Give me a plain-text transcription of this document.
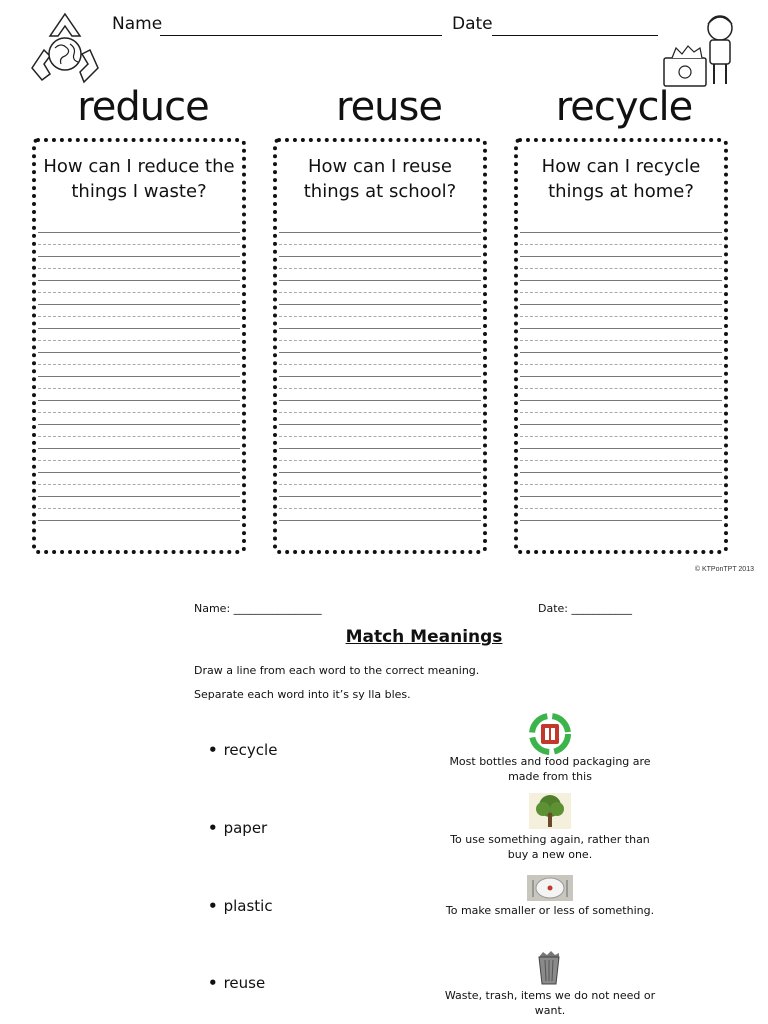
Name	Date
reduce	reuse	recycle
How can I reduce the things I waste?
How can I reuse things at school?
How can I recycle things at home?
© KTPonTPT 2013
Name: ________________	Date: ___________
Match Meanings
Draw a line from each word to the correct meaning.
Separate each word into it’s sy lla bles.
• recycle
• paper
• plastic
• reuse
Most bottles and food packaging are made from this
To use something again, rather than buy a new one.
To make smaller or less of something.
Waste, trash, items we do not need or want.
